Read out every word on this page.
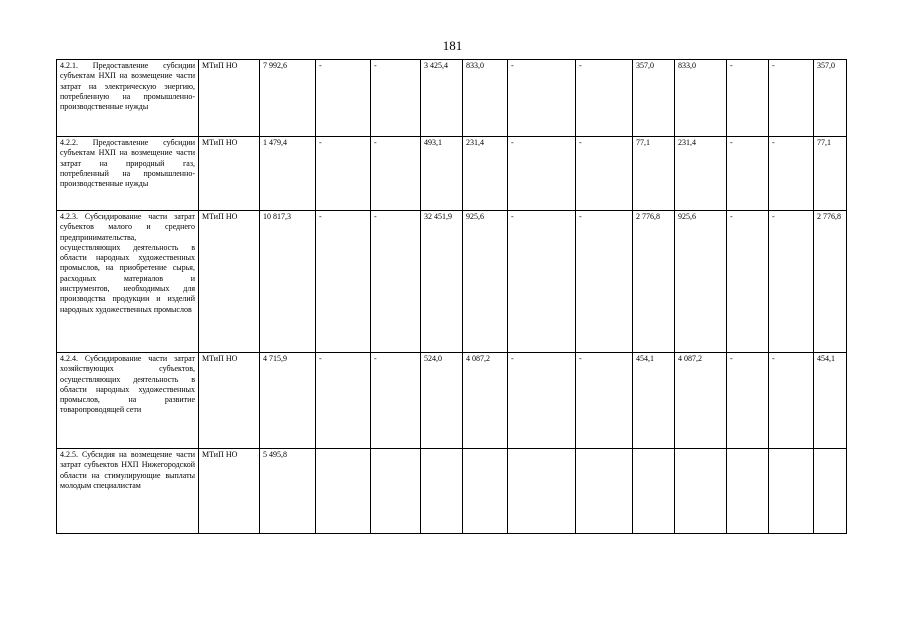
181
4.2.1. Предоставление субсидии субъектам НХП на возмещение части затрат на электрическую энергию, потребленную на промышленно-производственные нужды	МТиП НО	7 992,6	-	-	3 425,4	833,0	-	-	357,0	833,0	-	-	357,0
4.2.2. Предоставление субсидии субъектам НХП на возмещение части затрат на природный газ, потребленный на промышленно-производственные нужды	МТиП НО	1 479,4	-	-	493,1	231,4	-	-	77,1	231,4	-	-	77,1
4.2.3. Субсидирование части затрат субъектов малого и среднего предпринимательства, осуществляющих деятельность в области народных художественных промыслов, на приобретение сырья, расходных материалов и инструментов, необходимых для производства продукции и изделий народных художественных промыслов	МТиП НО	10 817,3	-	-	32 451,9	925,6	-	-	2 776,8	925,6	-	-	2 776,8
4.2.4. Субсидирование части затрат хозяйствующих субъектов, осуществляющих деятельность в области народных художественных промыслов, на развитие товаропроводящей сети	МТиП НО	4 715,9	-	-	524,0	4 087,2	-	-	454,1	4 087,2	-	-	454,1
4.2.5. Субсидия на возмещение части затрат субъектов НХП Нижегородской области на стимулирующие выплаты молодым специалистам	МТиП НО	5 495,8											
